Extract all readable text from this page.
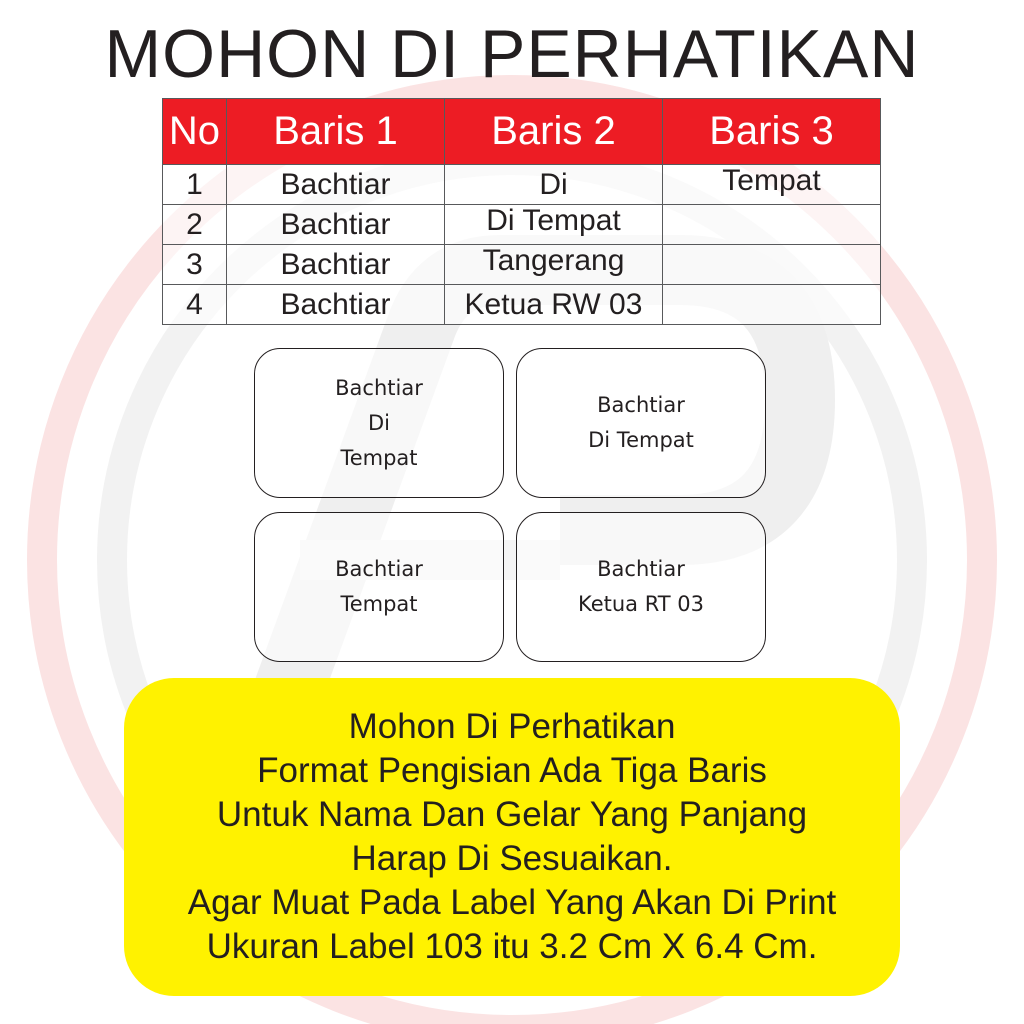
MOHON DI PERHATIKAN
No	Baris 1	Baris 2	Baris 3
1	Bachtiar	Di	Tempat
2	Bachtiar	Di Tempat	
3	Bachtiar	Tangerang	
4	Bachtiar	Ketua RW 03	
Bachtiar
Di
Tempat
Bachtiar
Di Tempat
Bachtiar
Tempat
Bachtiar
Ketua RT 03
Mohon Di Perhatikan
Format Pengisian Ada Tiga Baris
Untuk Nama Dan Gelar Yang Panjang
Harap Di Sesuaikan.
Agar Muat Pada Label Yang Akan Di Print
Ukuran Label 103 itu 3.2 Cm X 6.4 Cm.
